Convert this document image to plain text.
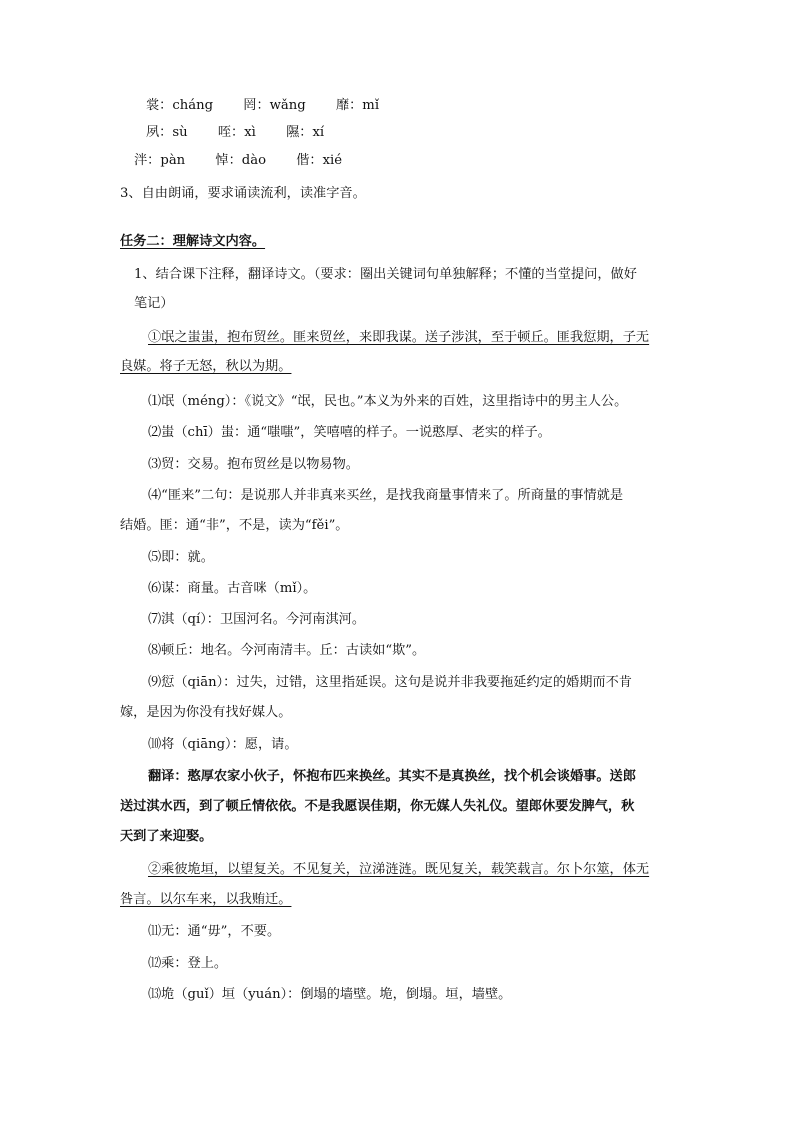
裳：cháng 罔：wǎng 靡：mǐ
夙：sù 咥：xì 隰：xí
泮：pàn 悼：dào 偕：xié
3、自由朗诵，要求诵读流利，读准字音。
任务二：理解诗文内容。
1、结合课下注释，翻译诗文。（要求：圈出关键词句单独解释；不懂的当堂提问，做好
笔记）
①氓之蚩蚩，抱布贸丝。匪来贸丝，来即我谋。送子涉淇，至于顿丘。匪我愆期，子无
良媒。将子无怒，秋以为期。
⑴氓（méng）：《说文》“氓，民也。”本义为外来的百姓，这里指诗中的男主人公。
⑵蚩（chī）蚩：通“嗤嗤”，笑嘻嘻的样子。一说憨厚、老实的样子。
⑶贸：交易。抱布贸丝是以物易物。
⑷“匪来”二句：是说那人并非真来买丝，是找我商量事情来了。所商量的事情就是
结婚。匪：通“非”，不是，读为“fěi”。
⑸即：就。
⑹谋：商量。古音咪（mǐ）。
⑺淇（qí）：卫国河名。今河南淇河。
⑻顿丘：地名。今河南清丰。丘：古读如“欺”。
⑼愆（qiān）：过失，过错，这里指延误。这句是说并非我要拖延约定的婚期而不肯
嫁，是因为你没有找好媒人。
⑽将（qiāng）：愿，请。
翻译：憨厚农家小伙子，怀抱布匹来换丝。其实不是真换丝，找个机会谈婚事。送郎
送过淇水西，到了顿丘情依依。不是我愿误佳期，你无媒人失礼仪。望郎休要发脾气，秋
天到了来迎娶。
②乘彼垝垣，以望复关。不见复关，泣涕涟涟。既见复关，载笑载言。尔卜尔筮，体无
咎言。以尔车来，以我贿迁。
⑾无：通“毋”，不要。
⑿乘：登上。
⒀垝（guǐ）垣（yuán）：倒塌的墙壁。垝，倒塌。垣，墙壁。
